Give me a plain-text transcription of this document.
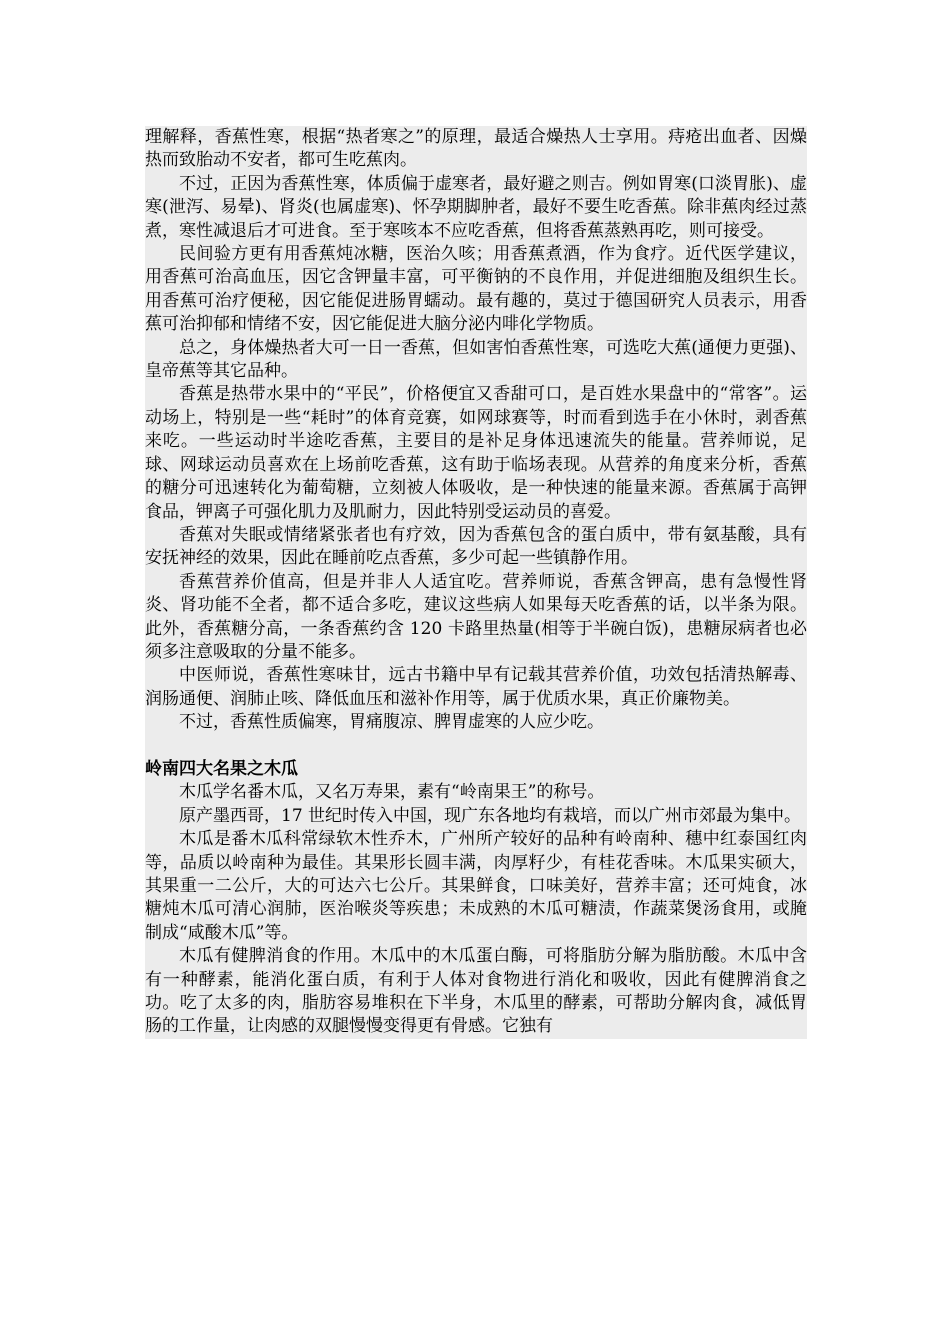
理解释，香蕉性寒，根据“热者寒之”的原理，最适合燥热人士享用。痔疮出血者、因燥热而致胎动不安者，都可生吃蕉肉。

不过，正因为香蕉性寒，体质偏于虚寒者，最好避之则吉。例如胃寒(口淡胃胀)、虚寒(泄泻、易晕)、肾炎(也属虚寒)、怀孕期脚肿者，最好不要生吃香蕉。除非蕉肉经过蒸煮，寒性减退后才可进食。至于寒咳本不应吃香蕉，但将香蕉蒸熟再吃，则可接受。

民间验方更有用香蕉炖冰糖，医治久咳；用香蕉煮酒，作为食疗。近代医学建议，用香蕉可治高血压，因它含钾量丰富，可平衡钠的不良作用，并促进细胞及组织生长。用香蕉可治疗便秘，因它能促进肠胃蠕动。最有趣的，莫过于德国研究人员表示，用香蕉可治抑郁和情绪不安，因它能促进大脑分泌内啡化学物质。

总之，身体燥热者大可一日一香蕉，但如害怕香蕉性寒，可选吃大蕉(通便力更强)、皇帝蕉等其它品种。

香蕉是热带水果中的“平民”，价格便宜又香甜可口，是百姓水果盘中的“常客”。运动场上，特别是一些“耗时”的体育竞赛，如网球赛等，时而看到选手在小休时，剥香蕉来吃。一些运动时半途吃香蕉，主要目的是补足身体迅速流失的能量。营养师说，足球、网球运动员喜欢在上场前吃香蕉，这有助于临场表现。从营养的角度来分析，香蕉的糖分可迅速转化为葡萄糖，立刻被人体吸收，是一种快速的能量来源。香蕉属于高钾食品，钾离子可强化肌力及肌耐力，因此特别受运动员的喜爱。

香蕉对失眠或情绪紧张者也有疗效，因为香蕉包含的蛋白质中，带有氨基酸，具有安抚神经的效果，因此在睡前吃点香蕉，多少可起一些镇静作用。

香蕉营养价值高，但是并非人人适宜吃。营养师说，香蕉含钾高，患有急慢性肾炎、肾功能不全者，都不适合多吃，建议这些病人如果每天吃香蕉的话，以半条为限。此外，香蕉糖分高，一条香蕉约含 120 卡路里热量(相等于半碗白饭)，患糖尿病者也必须多注意吸取的分量不能多。

中医师说，香蕉性寒味甘，远古书籍中早有记载其营养价值，功效包括清热解毒、润肠通便、润肺止咳、降低血压和滋补作用等，属于优质水果，真正价廉物美。

不过，香蕉性质偏寒，胃痛腹凉、脾胃虚寒的人应少吃。

岭南四大名果之木瓜

木瓜学名番木瓜，又名万寿果，素有“岭南果王”的称号。

原产墨西哥，17 世纪时传入中国，现广东各地均有栽培，而以广州市郊最为集中。

木瓜是番木瓜科常绿软木性乔木，广州所产较好的品种有岭南种、穗中红泰国红肉等，品质以岭南种为最佳。其果形长圆丰满，肉厚籽少，有桂花香味。木瓜果实硕大，其果重一二公斤，大的可达六七公斤。其果鲜食，口味美好，营养丰富；还可炖食，冰糖炖木瓜可清心润肺，医治喉炎等疾患；未成熟的木瓜可糖渍，作蔬菜煲汤食用，或腌制成“咸酸木瓜”等。

木瓜有健脾消食的作用。木瓜中的木瓜蛋白酶，可将脂肪分解为脂肪酸。木瓜中含有一种酵素，能消化蛋白质，有利于人体对食物进行消化和吸收，因此有健脾消食之功。吃了太多的肉，脂肪容易堆积在下半身，木瓜里的酵素，可帮助分解肉食，减低胃肠的工作量，让肉感的双腿慢慢变得更有骨感。它独有
